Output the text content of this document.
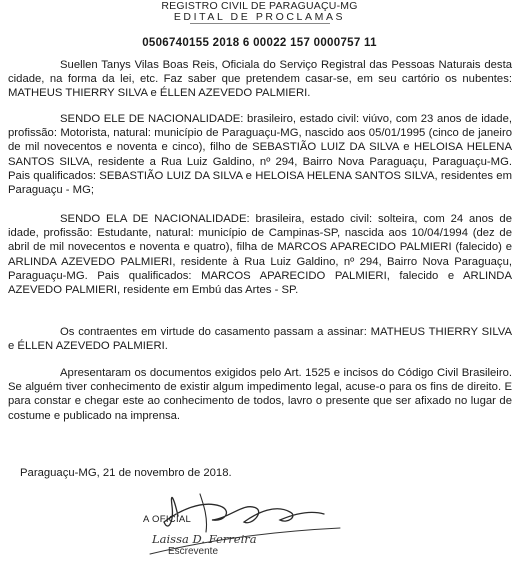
REGISTRO CIVIL DE PARAGUAÇU-MG
EDITAL DE PROCLAMAS
0506740155 2018 6 00022 157 0000757 11
Suellen Tanys Vilas Boas Reis, Oficiala do Serviço Registral das Pessoas Naturais desta cidade, na forma da lei, etc. Faz saber que pretendem casar-se, em seu cartório os nubentes: MATHEUS THIERRY SILVA e ÉLLEN AZEVEDO PALMIERI.
SENDO ELE DE NACIONALIDADE: brasileiro, estado civil: viúvo, com 23 anos de idade, profissão: Motorista, natural: município de Paraguaçu-MG, nascido aos 05/01/1995 (cinco de janeiro de mil novecentos e noventa e cinco), filho de SEBASTIÃO LUIZ DA SILVA e HELOISA HELENA SANTOS SILVA, residente a Rua Luiz Galdino, nº 294, Bairro Nova Paraguaçu, Paraguaçu-MG. Pais qualificados: SEBASTIÃO LUIZ DA SILVA e HELOISA HELENA SANTOS SILVA, residentes em Paraguaçu - MG;
SENDO ELA DE NACIONALIDADE: brasileira, estado civil: solteira, com 24 anos de idade, profissão: Estudante, natural: município de Campinas-SP, nascida aos 10/04/1994 (dez de abril de mil novecentos e noventa e quatro), filha de MARCOS APARECIDO PALMIERI (falecido) e ARLINDA AZEVEDO PALMIERI, residente à Rua Luiz Galdino, nº 294, Bairro Nova Paraguaçu, Paraguaçu-MG. Pais qualificados: MARCOS APARECIDO PALMIERI, falecido e ARLINDA AZEVEDO PALMIERI, residente em Embú das Artes - SP.
Os contraentes em virtude do casamento passam a assinar: MATHEUS THIERRY SILVA e ÉLLEN AZEVEDO PALMIERI.
Apresentaram os documentos exigidos pelo Art. 1525 e incisos do Código Civil Brasileiro. Se alguém tiver conhecimento de existir algum impedimento legal, acuse-o para os fins de direito. E para constar e chegar este ao conhecimento de todos, lavro o presente que ser afixado no lugar de costume e publicado na imprensa.
Paraguaçu-MG, 21 de novembro de 2018.
A OFICIAL
Laissa D. Ferreira
Escrevente
